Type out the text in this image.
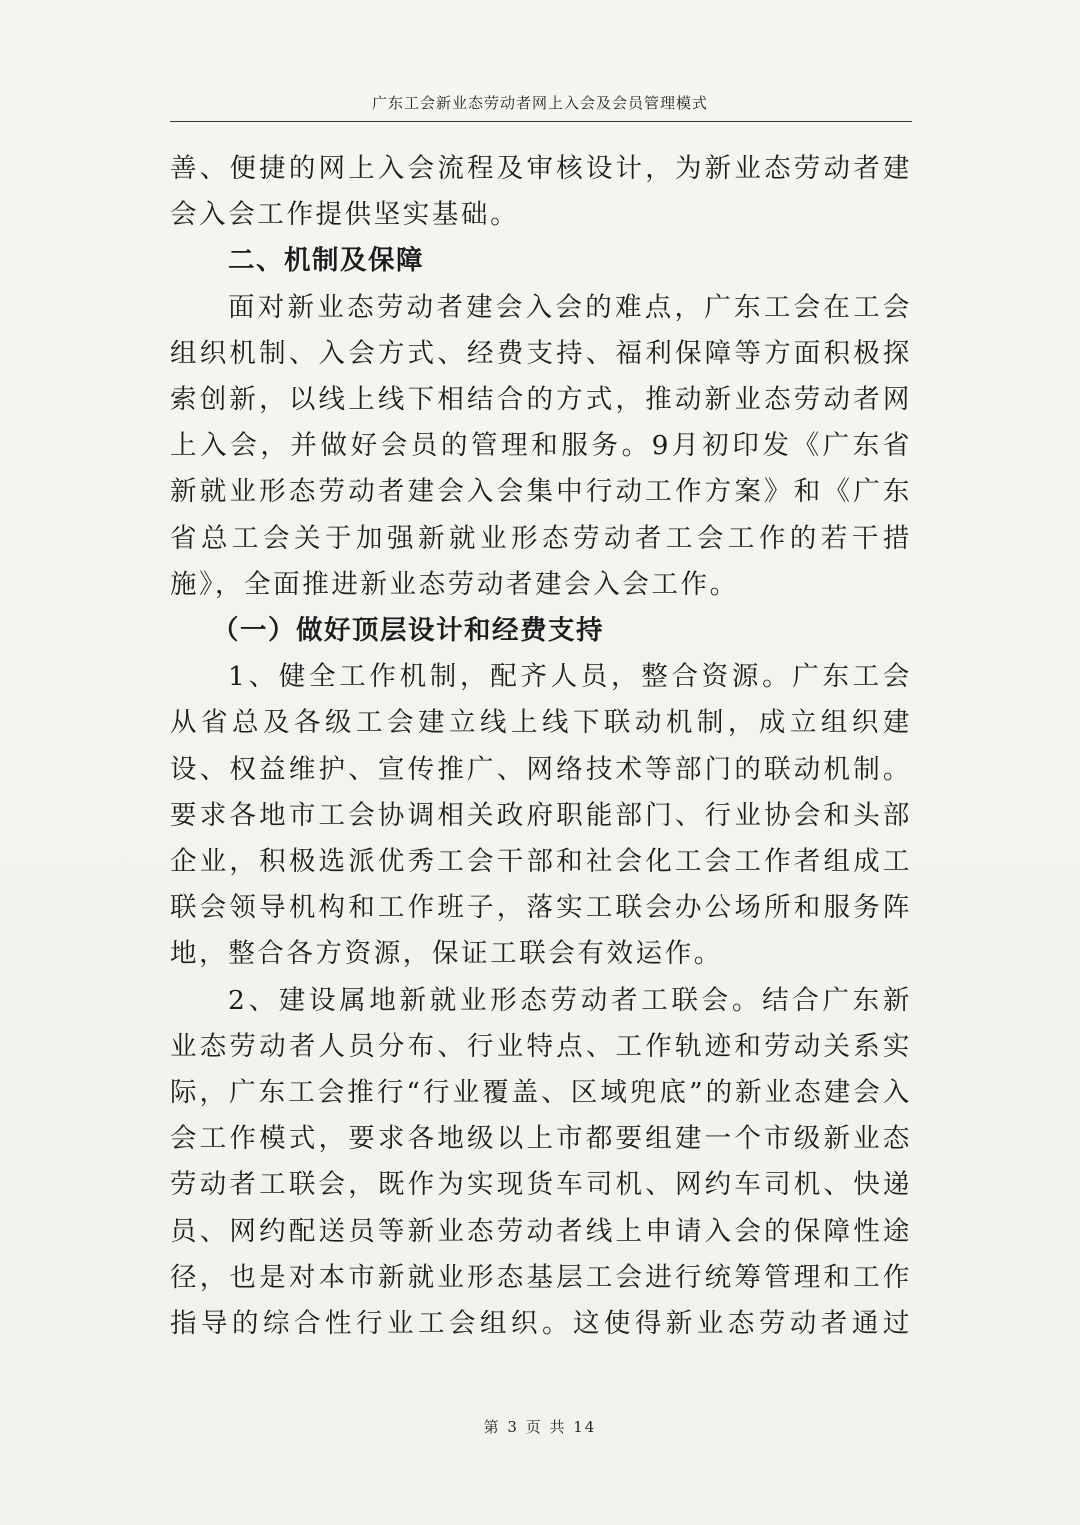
广东工会新业态劳动者网上入会及会员管理模式

善、便捷的网上入会流程及审核设计，为新业态劳动者建会入会工作提供坚实基础。

二、机制及保障

面对新业态劳动者建会入会的难点，广东工会在工会组织机制、入会方式、经费支持、福利保障等方面积极探索创新，以线上线下相结合的方式，推动新业态劳动者网上入会，并做好会员的管理和服务。9月初印发《广东省新就业形态劳动者建会入会集中行动工作方案》和《广东省总工会关于加强新就业形态劳动者工会工作的若干措施》，全面推进新业态劳动者建会入会工作。

（一）做好顶层设计和经费支持

1、健全工作机制，配齐人员，整合资源。广东工会从省总及各级工会建立线上线下联动机制，成立组织建设、权益维护、宣传推广、网络技术等部门的联动机制。要求各地市工会协调相关政府职能部门、行业协会和头部企业，积极选派优秀工会干部和社会化工会工作者组成工联会领导机构和工作班子，落实工联会办公场所和服务阵地，整合各方资源，保证工联会有效运作。

2、建设属地新就业形态劳动者工联会。结合广东新业态劳动者人员分布、行业特点、工作轨迹和劳动关系实际，广东工会推行“行业覆盖、区域兜底”的新业态建会入会工作模式，要求各地级以上市都要组建一个市级新业态劳动者工联会，既作为实现货车司机、网约车司机、快递员、网约配送员等新业态劳动者线上申请入会的保障性途径，也是对本市新就业形态基层工会进行统筹管理和工作指导的综合性行业工会组织。这使得新业态劳动者通过

第 3 页 共 14
